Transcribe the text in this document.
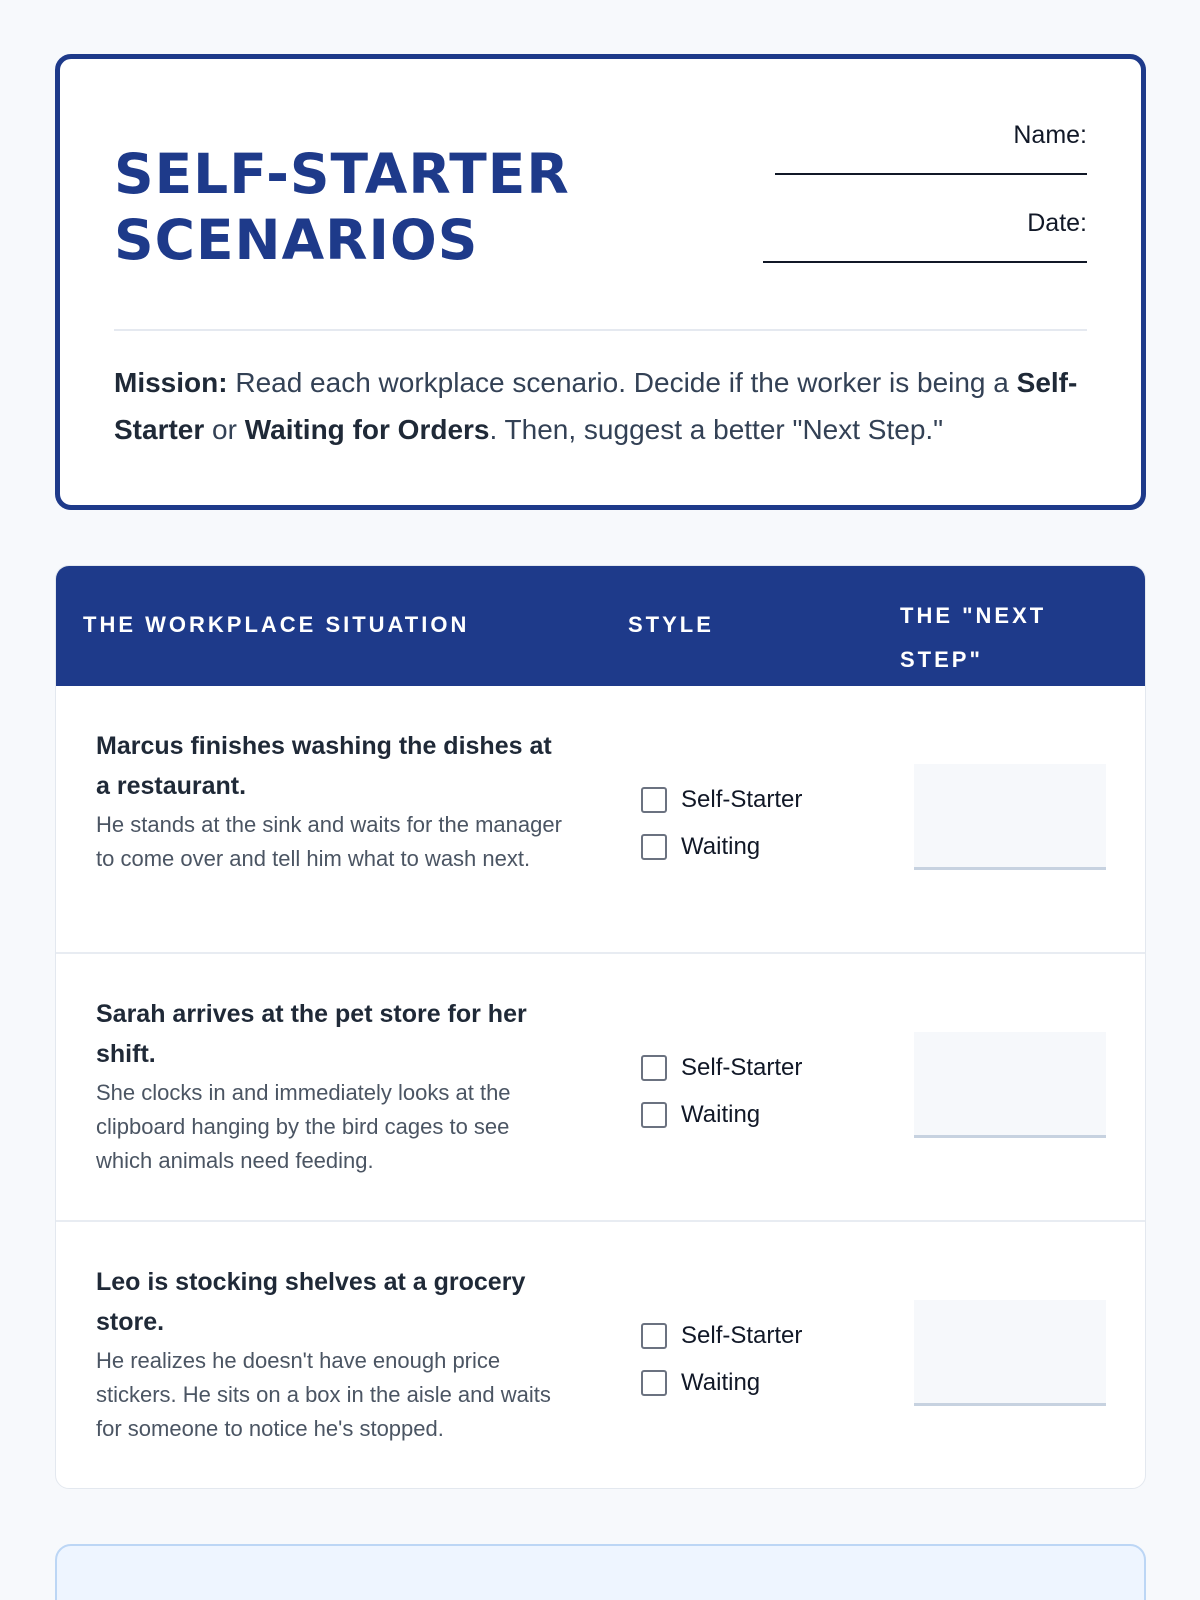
SELF-STARTER
SCENARIOS
Name:
Date:

Mission: Read each workplace scenario. Decide if the worker is being a Self-Starter or Waiting for Orders. Then, suggest a better "Next Step."

THE WORKPLACE SITUATION	STYLE	THE "NEXT STEP"
Marcus finishes washing the dishes at a restaurant.
He stands at the sink and waits for the manager to come over and tell him what to wash next.
Self-Starter
Waiting
Sarah arrives at the pet store for her shift.
She clocks in and immediately looks at the clipboard hanging by the bird cages to see which animals need feeding.
Self-Starter
Waiting
Leo is stocking shelves at a grocery store.
He realizes he doesn't have enough price stickers. He sits on a box in the aisle and waits for someone to notice he's stopped.
Self-Starter
Waiting
